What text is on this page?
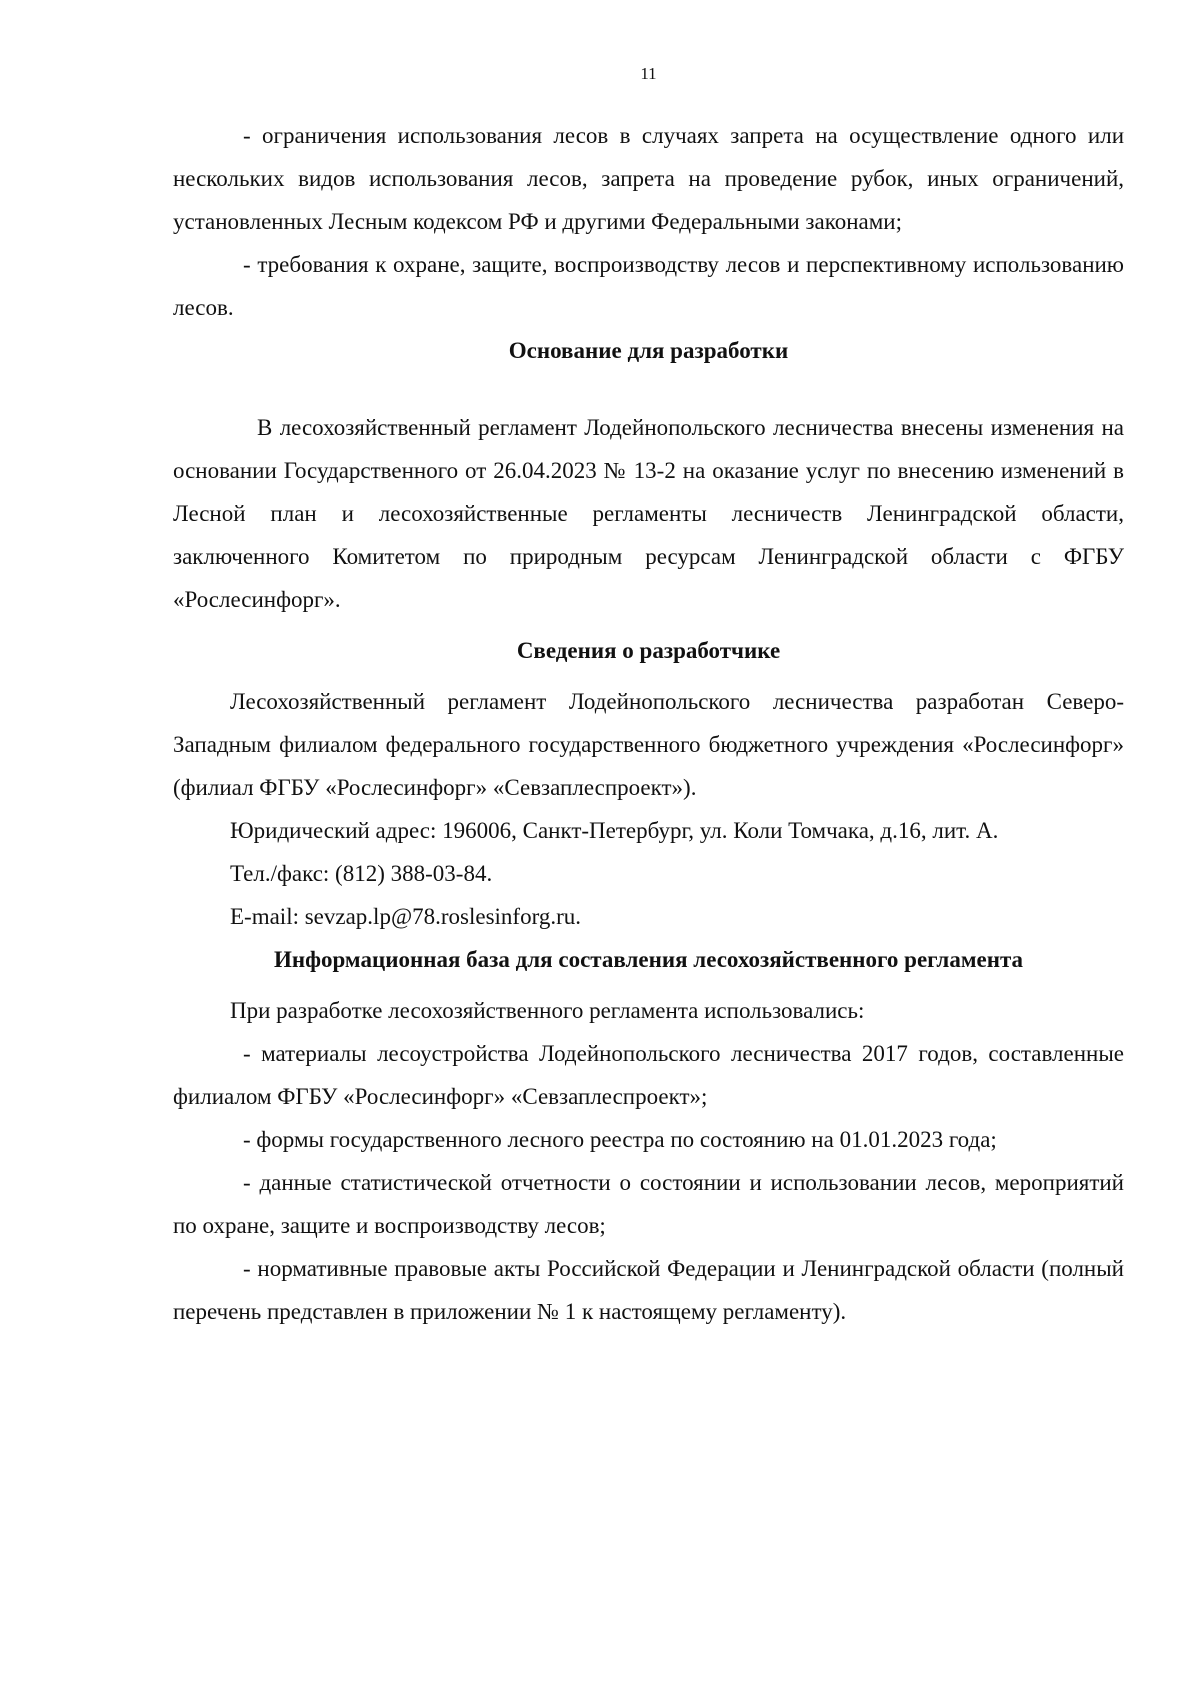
11

- ограничения использования лесов в случаях запрета на осуществление одного или нескольких видов использования лесов, запрета на проведение рубок, иных ограничений, установленных Лесным кодексом РФ и другими Федеральными законами;

- требования к охране, защите, воспроизводству лесов и перспективному использованию лесов.

Основание для разработки

В лесохозяйственный регламент Лодейнопольского лесничества внесены изменения на основании Государственного от 26.04.2023 № 13-2 на оказание услуг по внесению изменений в Лесной план и лесохозяйственные регламенты лесничеств Ленинградской области, заключенного Комитетом по природным ресурсам Ленинградской области с ФГБУ «Рослесинфорг».

Сведения о разработчике

Лесохозяйственный регламент Лодейнопольского лесничества разработан Северо-Западным филиалом федерального государственного бюджетного учреждения «Рослесинфорг» (филиал ФГБУ «Рослесинфорг» «Севзаплеспроект»).

Юридический адрес: 196006, Санкт-Петербург, ул. Коли Томчака, д.16, лит. А.

Тел./факс: (812) 388-03-84.

E-mail: sevzap.lp@78.roslesinforg.ru.

Информационная база для составления лесохозяйственного регламента

При разработке лесохозяйственного регламента использовались:

- материалы лесоустройства Лодейнопольского лесничества 2017 годов, составленные филиалом ФГБУ «Рослесинфорг» «Севзаплеспроект»;

- формы государственного лесного реестра по состоянию на 01.01.2023 года;

- данные статистической отчетности о состоянии и использовании лесов, мероприятий по охране, защите и воспроизводству лесов;

- нормативные правовые акты Российской Федерации и Ленинградской области (полный перечень представлен в приложении № 1 к настоящему регламенту).
